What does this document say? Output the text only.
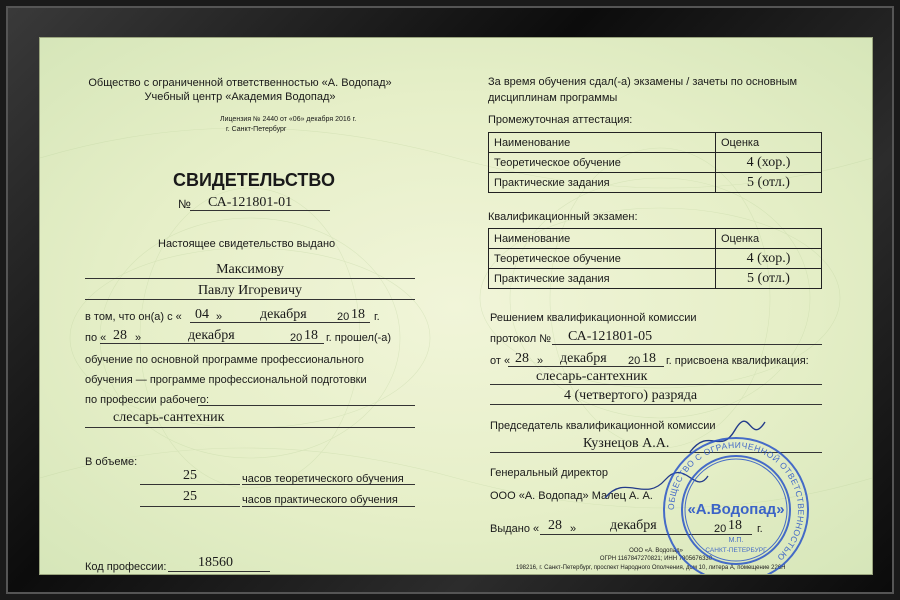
Общество с ограниченной ответственностью «А. Водопад»
Учебный центр «Академия Водопад»
Лицензия № 2440 от «06» декабря 2016 г.
г. Санкт-Петербург
СВИДЕТЕЛЬСТВО
№ СА-121801-01
Настоящее свидетельство выдано
Максимову
Павлу Игоревичу
в том, что он(а) с « 04 »	декабря	20 18 г.
по « 28 »	декабря	20 18 г. прошел(-а)
обучение по основной программе профессионального
обучения — программе профессиональной подготовки
по профессии рабочего:
слесарь-сантехник
В объеме:
25	часов теоретического обучения
25	часов практического обучения
Код профессии: 18560
За время обучения сдал(-а) экзамены / зачеты по основным
дисциплинам программы
Промежуточная аттестация:
Наименование	Оценка
Теоретическое обучение	4 (хор.)
Практические задания	5 (отл.)
Квалификационный экзамен:
Наименование	Оценка
Теоретическое обучение	4 (хор.)
Практические задания	5 (отл.)
Решением квалификационной комиссии
протокол № СА-121801-05
от « 28 » декабря 20 18 г. присвоена квалификация:
слесарь-сантехник
4 (четвертого) разряда
Председатель квалификационной комиссии
Кузнецов А.А.
Генеральный директор
ООО «А. Водопад» Малец А. А.
Выдано « 28 » декабря	20 18 г.
ООО «А. Водопад»
ОГРН 1167847270821; ИНН 7805676330
198216, г. Санкт-Петербург, проспект Народного Ополчения, дом 10, литера А, помещение 226Н
ОБЩЕСТВО С ОГРАНИЧЕННОЙ ОТВЕТСТВЕННОСТЬЮ
«А.Водопад»
М.П.
САНКТ-ПЕТЕРБУРГ
